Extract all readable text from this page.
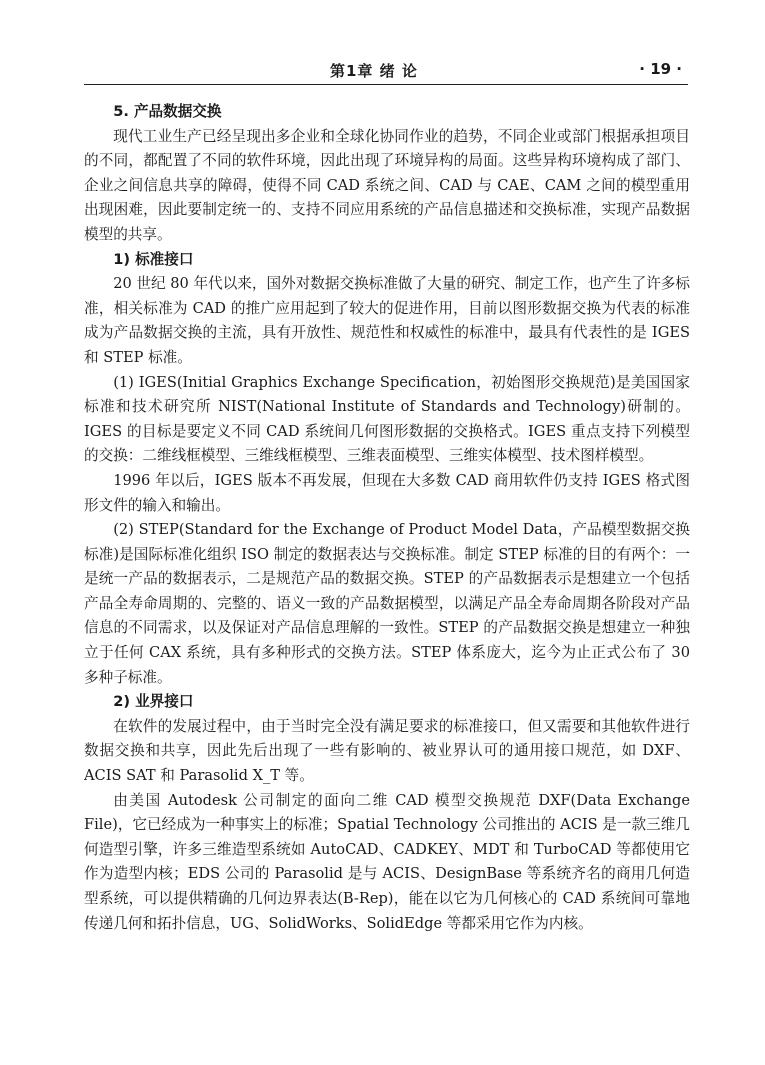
第1章 绪 论	· 19 ·
5. 产品数据交换

现代工业生产已经呈现出多企业和全球化协同作业的趋势，不同企业或部门根据承担项目的不同，都配置了不同的软件环境，因此出现了环境异构的局面。这些异构环境构成了部门、企业之间信息共享的障碍，使得不同 CAD 系统之间、CAD 与 CAE、CAM 之间的模型重用出现困难，因此要制定统一的、支持不同应用系统的产品信息描述和交换标准，实现产品数据模型的共享。

1) 标准接口

20 世纪 80 年代以来，国外对数据交换标准做了大量的研究、制定工作，也产生了许多标准，相关标准为 CAD 的推广应用起到了较大的促进作用，目前以图形数据交换为代表的标准成为产品数据交换的主流，具有开放性、规范性和权威性的标准中，最具有代表性的是 IGES 和 STEP 标准。

(1) IGES(Initial Graphics Exchange Specification，初始图形交换规范)是美国国家标准和技术研究所 NIST(National Institute of Standards and Technology)研制的。IGES 的目标是要定义不同 CAD 系统间几何图形数据的交换格式。IGES 重点支持下列模型的交换：二维线框模型、三维线框模型、三维表面模型、三维实体模型、技术图样模型。

1996 年以后，IGES 版本不再发展，但现在大多数 CAD 商用软件仍支持 IGES 格式图形文件的输入和输出。

(2) STEP(Standard for the Exchange of Product Model Data，产品模型数据交换标准)是国际标准化组织 ISO 制定的数据表达与交换标准。制定 STEP 标准的目的有两个：一是统一产品的数据表示，二是规范产品的数据交换。STEP 的产品数据表示是想建立一个包括产品全寿命周期的、完整的、语义一致的产品数据模型，以满足产品全寿命周期各阶段对产品信息的不同需求，以及保证对产品信息理解的一致性。STEP 的产品数据交换是想建立一种独立于任何 CAX 系统，具有多种形式的交换方法。STEP 体系庞大，迄今为止正式公布了 30 多种子标准。

2) 业界接口

在软件的发展过程中，由于当时完全没有满足要求的标准接口，但又需要和其他软件进行数据交换和共享，因此先后出现了一些有影响的、被业界认可的通用接口规范，如 DXF、ACIS SAT 和 Parasolid X_T 等。

由美国 Autodesk 公司制定的面向二维 CAD 模型交换规范 DXF(Data Exchange File)，它已经成为一种事实上的标准；Spatial Technology 公司推出的 ACIS 是一款三维几何造型引擎，许多三维造型系统如 AutoCAD、CADKEY、MDT 和 TurboCAD 等都使用它作为造型内核；EDS 公司的 Parasolid 是与 ACIS、DesignBase 等系统齐名的商用几何造型系统，可以提供精确的几何边界表达(B-Rep)，能在以它为几何核心的 CAD 系统间可靠地传递几何和拓扑信息，UG、SolidWorks、SolidEdge 等都采用它作为内核。
